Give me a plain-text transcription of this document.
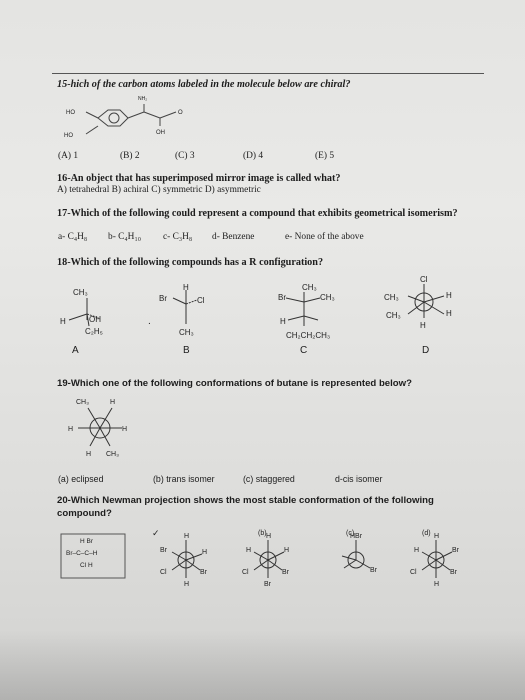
15-hich of the carbon atoms labeled in the molecule below are chiral?
NH₂
HO
HO
O
OH
(A) 1	(B) 2	(C) 3	(D) 4	(E) 5
16-An object that has superimposed mirror image is called what?
A) tetrahedral B) achiral C) symmetric D) asymmetric
17-Which of the following could represent a compound that exhibits geometrical isomerism?
a- C₄H₈ b- C₄H₁₀ c- C₃H₈ d- Benzene	e- None of the above
18-Which of the following compounds has a R configuration?
CH₃
H	OH
C₂H₅
H
Br	Cl
CH₃
CH₃
Br	CH₃
H
CH₂CH₂CH₃
Cl
CH₃	H
CH₃	H
H
A	B	C	D
.
19-Which one of the following conformations of butane is represented below?
CH₃	H
H	H
H CH₃
(a) eclipsed	(b) trans isomer	(c) staggered	d-cis isomer
20-Which Newman projection shows the most stable conformation of the following
compound?
H Br
Br–C–C–H
Cl H
H
Br	H
Cl	Br
H
✓	H
H	H
Cl	Br
Br
HBr
Br
H
H	Br
Cl	Br
H
(b)	(c)	(d)
